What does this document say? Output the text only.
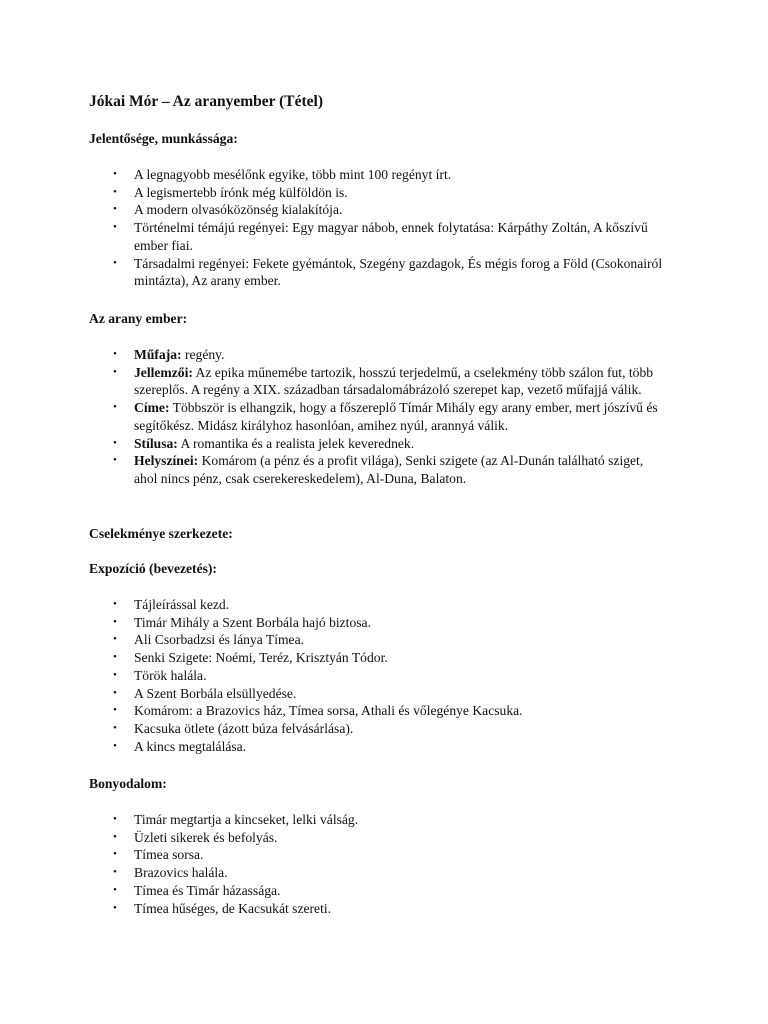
Jókai Mór – Az aranyember (Tétel)
Jelentősége, munkássága:
• A legnagyobb mesélőnk egyike, több mint 100 regényt írt.
• A legismertebb írónk még külföldön is.
• A modern olvasóközönség kialakítója.
• Történelmi témájú regényei: Egy magyar nábob, ennek folytatása: Kárpáthy Zoltán, A kőszívű ember fiai.
• Társadalmi regényei: Fekete gyémántok, Szegény gazdagok, És mégis forog a Föld (Csokonairól mintázta), Az arany ember.
Az arany ember:
• Műfaja: regény.
• Jellemzői: Az epika műnemébe tartozik, hosszú terjedelmű, a cselekmény több szálon fut, több szereplős. A regény a XIX. században társadalomábrázoló szerepet kap, vezető műfajjá válik.
• Címe: Többször is elhangzik, hogy a főszereplő Tímár Mihály egy arany ember, mert jószívű és segítőkész. Midász királyhoz hasonlóan, amihez nyúl, arannyá válik.
• Stílusa: A romantika és a realista jelek keverednek.
• Helyszínei: Komárom (a pénz és a profit világa), Senki szigete (az Al-Dunán található sziget, ahol nincs pénz, csak cserekereskedelem), Al-Duna, Balaton.
Cselekménye szerkezete:
Expozíció (bevezetés):
• Tájleírással kezd.
• Timár Mihály a Szent Borbála hajó biztosa.
• Ali Csorbadzsi és lánya Tímea.
• Senki Szigete: Noémi, Teréz, Krisztyán Tódor.
• Török halála.
• A Szent Borbála elsüllyedése.
• Komárom: a Brazovics ház, Tímea sorsa, Athali és vőlegénye Kacsuka.
• Kacsuka ötlete (ázott búza felvásárlása).
• A kincs megtalálása.
Bonyodalom:
• Timár megtartja a kincseket, lelki válság.
• Üzleti sikerek és befolyás.
• Tímea sorsa.
• Brazovics halála.
• Tímea és Timár házassága.
• Tímea hűséges, de Kacsukát szereti.
